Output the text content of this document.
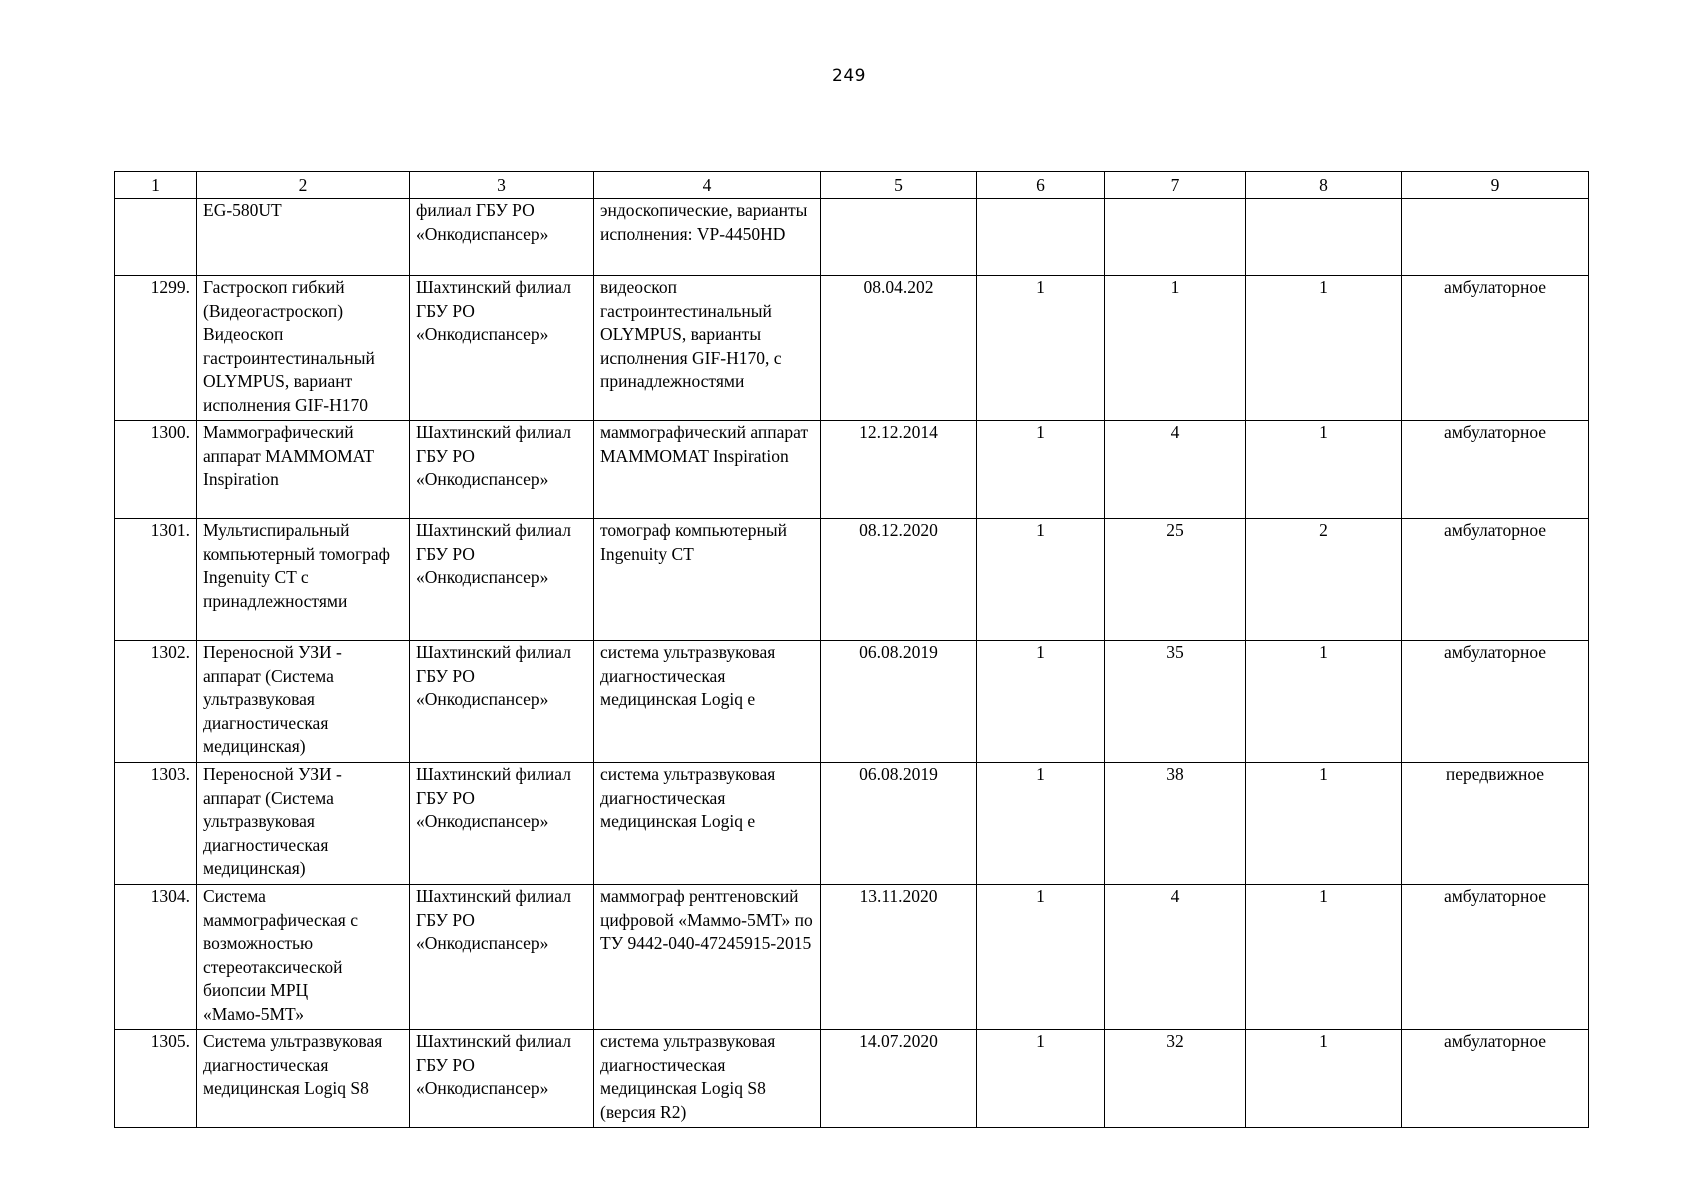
249
1	2	3	4	5	6	7	8	9
	EG-580UT	филиал ГБУ РО «Онкодиспансер»	эндоскопические, варианты исполнения: VP-4450HD					
1299.	Гастроскоп гибкий (Видеогастроскоп) Видеоскоп гастроинтестинальный OLYMPUS, вариант исполнения GIF-H170	Шахтинский филиал ГБУ РО «Онкодиспансер»	видеоскоп гастроинтестинальный OLYMPUS, варианты исполнения GIF-H170, с принадлежностями	08.04.202	1	1	1	амбулаторное
1300.	Маммографический аппарат MAMMOMAT Inspiration	Шахтинский филиал ГБУ РО «Онкодиспансер»	маммографический аппарат MAMMOMAT Inspiration	12.12.2014	1	4	1	амбулаторное
1301.	Мультиспиральный компьютерный томограф Ingenuity CT с принадлежностями	Шахтинский филиал ГБУ РО «Онкодиспансер»	томограф компьютерный Ingenuity CT	08.12.2020	1	25	2	амбулаторное
1302.	Переносной УЗИ - аппарат (Система ультразвуковая диагностическая медицинская)	Шахтинский филиал ГБУ РО «Онкодиспансер»	система ультразвуковая диагностическая медицинская Logiq e	06.08.2019	1	35	1	амбулаторное
1303.	Переносной УЗИ - аппарат (Система ультразвуковая диагностическая медицинская)	Шахтинский филиал ГБУ РО «Онкодиспансер»	система ультразвуковая диагностическая медицинская Logiq e	06.08.2019	1	38	1	передвижное
1304.	Система маммографическая с возможностью стереотаксической биопсии МРЦ «Мамо-5МТ»	Шахтинский филиал ГБУ РО «Онкодиспансер»	маммограф рентгеновский цифровой «Маммо-5МТ» по ТУ 9442-040-47245915-2015	13.11.2020	1	4	1	амбулаторное
1305.	Система ультразвуковая диагностическая медицинская Logiq S8	Шахтинский филиал ГБУ РО «Онкодиспансер»	система ультразвуковая диагностическая медицинская Logiq S8 (версия R2)	14.07.2020	1	32	1	амбулаторное
